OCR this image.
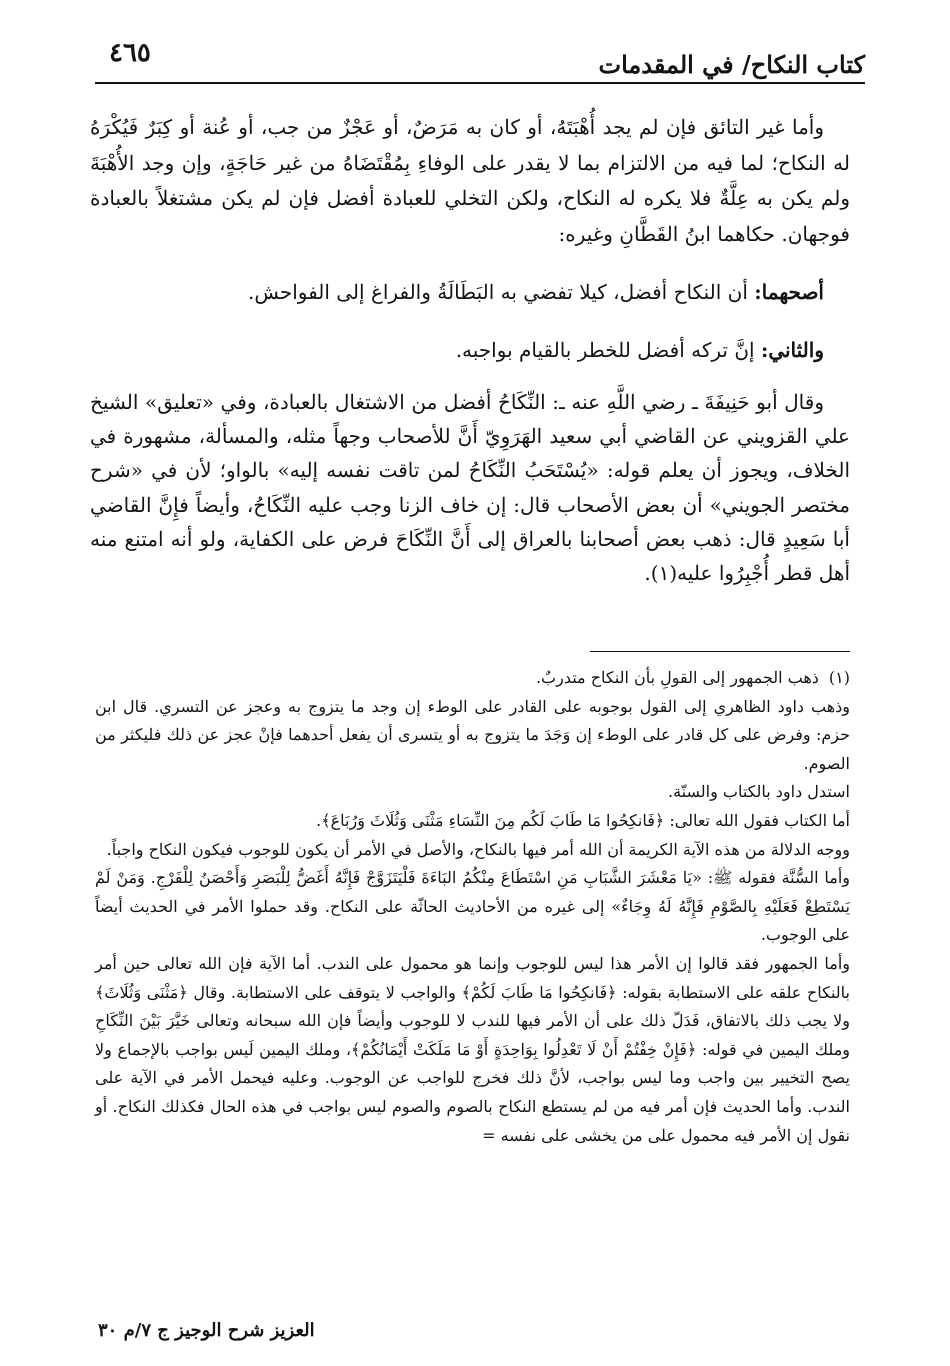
٤٦٥	كتاب النكاح/ في المقدمات

وأما غير التائق فإن لم يجد أُهْبَتَهُ، أو كان به مَرَضٌ، أو عَجْزٌ من جب، أو عُنة أو كِبَرٌ فَيُكْرَهُ له النكاح؛ لما فيه من الالتزام بما لا يقدر على الوفاءِ بِمُقْتَضَاهُ من غير حَاجَةٍ، وإن وجد الأُهْبَةَ ولم يكن به عِلَّةٌ فلا يكره له النكاح، ولكن التخلي للعبادة أفضل فإن لم يكن مشتغلاً بالعبادة فوجهان. حكاهما ابنُ القَطَّانِ وغيره:

أصحهما: أن النكاح أفضل، كيلا تفضي به البَطَالَةُ والفراغ إلى الفواحش.

والثاني: إنَّ تركه أفضل للخطر بالقيام بواجبه.

وقال أبو حَنِيفَةَ ـ رضي اللَّهِ عنه ـ: النِّكَاحُ أفضل من الاشتغال بالعبادة، وفي «تعليق» الشيخ علي القزويني عن القاضي أبي سعيد الهَرَوِيّ أَنَّ للأصحاب وجهاً مثله، والمسألة، مشهورة في الخلاف، ويجوز أن يعلم قوله: «يُسْتَحَبُ النِّكَاحُ لمن تاقت نفسه إليه» بالواو؛ لأن في «شرح مختصر الجويني» أن بعض الأصحاب قال: إن خاف الزنا وجب عليه النِّكَاحُ، وأيضاً فإِنَّ القاضي أبا سَعِيدٍ قال: ذهب بعض أصحابنا بالعراق إلى أَنَّ النِّكَاحَ فرض على الكفاية، ولو أنه امتنع منه أهل قطر أُجْبِرُوا عليه(١).

(١)ذهب الجمهور إلى القولِ بأن النكاح متدربٌ.

وذهب داود الظاهري إلى القول بوجوبه على القادر على الوطء إن وجد ما يتزوج به وعجز عن التسري. قال ابن حزم: وفرض على كل قادر على الوطء إن وَجَدَ ما يتزوج به أو يتسرى أن يفعل أحدهما فإنْ عجز عن ذلك فليكثر من الصوم.

استدل داود بالكتاب والسنّة.

أما الكتاب فقول الله تعالى: ﴿فَانكِحُوا مَا طَابَ لَكُم مِنَ النِّسَاءِ مَثْنَى وَثُلَاثَ وَرُبَاعَ﴾.

ووجه الدلالة من هذه الآية الكريمة أن الله أمر فيها بالنكاح، والأصل في الأمر أن يكون للوجوب فيكون النكاح واجباً.

وأما السُّنَّة فقوله ﷺ: «يَا مَعْشَرَ الشَّبَابِ مَنِ اسْتَطَاعَ مِنْكُمُ البَاءَةَ فَلْيَتَزَوَّجْ فَإِنَّهُ أَغَضُّ لِلْبَصَرِ وَأَحْصَنُ لِلْفَرْجِ. وَمَنْ لَمْ يَسْتَطِعْ فَعَلَيْهِ بِالصَّوْمِ فَإِنَّهُ لَهُ وِجَاءٌ» إلى غيره من الأحاديث الحاثّة على النكاح. وقد حملوا الأمر في الحديث أيضاً على الوجوب.

وأما الجمهور فقد قالوا إن الأمر هذا ليس للوجوب وإنما هو محمول على الندب. أما الآية فإن الله تعالى حين أمر بالنكاح علقه على الاستطابة بقوله: ﴿فَانكِحُوا مَا طَابَ لَكُمْ﴾ والواجب لا يتوقف على الاستطابة. وقال ﴿مَثْنَى وَثُلَاثَ﴾ ولا يجب ذلك بالاتفاق، فَدَلّ ذلك على أن الأمر فيها للندب لا للوجوب وأيضاً فإن الله سبحانه وتعالى خَيَّرَ بَيْنَ النِّكَاحِ وملك اليمين في قوله: ﴿فَإِنْ خِفْتُمْ أَنْ لَا تَعْدِلُوا بِوَاحِدَةٍ أَوْ مَا مَلَكَتْ أَيْمَانُكُمْ﴾، وملك اليمين لَيس بواجب بالإجماع ولا يصح التخيير بين واجب وما ليس بواجب، لأنَّ ذلك فخرج للواجب عن الوجوب. وعليه فيحمل الأمر في الآية على الندب. وأما الحديث فإن أمر فيه من لم يستطع النكاح بالصوم والصوم ليس بواجب في هذه الحال فكذلك النكاح. أو نقول إن الأمر فيه محمول على من يخشى على نفسه =

العزيز شرح الوجيز ج ٧/م ٣٠
